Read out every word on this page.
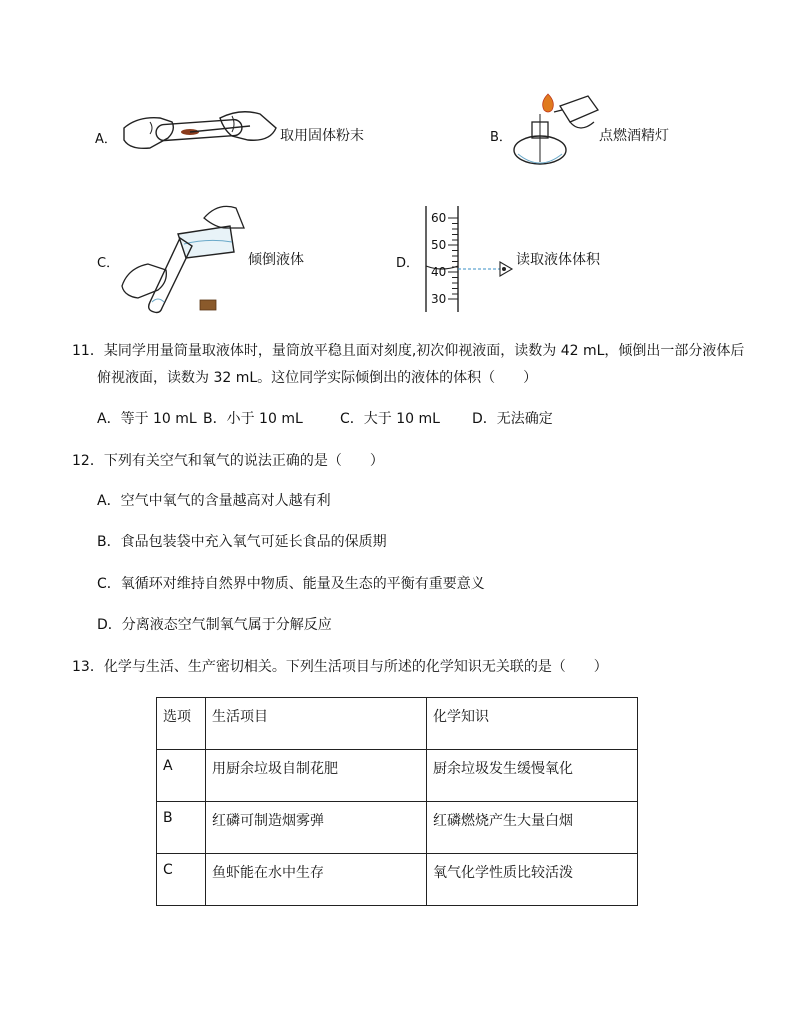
A．	取用固体粉末	B．	点燃酒精灯
C．	倾倒液体	D．
60
50
40
30
读取液体体积
11．某同学用量筒量取液体时，量筒放平稳且面对刻度,初次仰视液面，读数为 42 mL，倾倒出一部分液体后
俯视液面，读数为 32 mL。这位同学实际倾倒出的液体的体积（　　）
A．等于 10 mL B．小于 10 mL	C．大于 10 mL D．无法确定
12．下列有关空气和氧气的说法正确的是（　　）
A．空气中氧气的含量越高对人越有利
B．食品包装袋中充入氧气可延长食品的保质期
C．氧循环对维持自然界中物质、能量及生态的平衡有重要意义
D．分离液态空气制氧气属于分解反应
13．化学与生活、生产密切相关。下列生活项目与所述的化学知识无关联的是（　　）
选项	生活项目	化学知识
A	用厨余垃圾自制花肥	厨余垃圾发生缓慢氧化
B	红磷可制造烟雾弹	红磷燃烧产生大量白烟
C	鱼虾能在水中生存	氧气化学性质比较活泼
